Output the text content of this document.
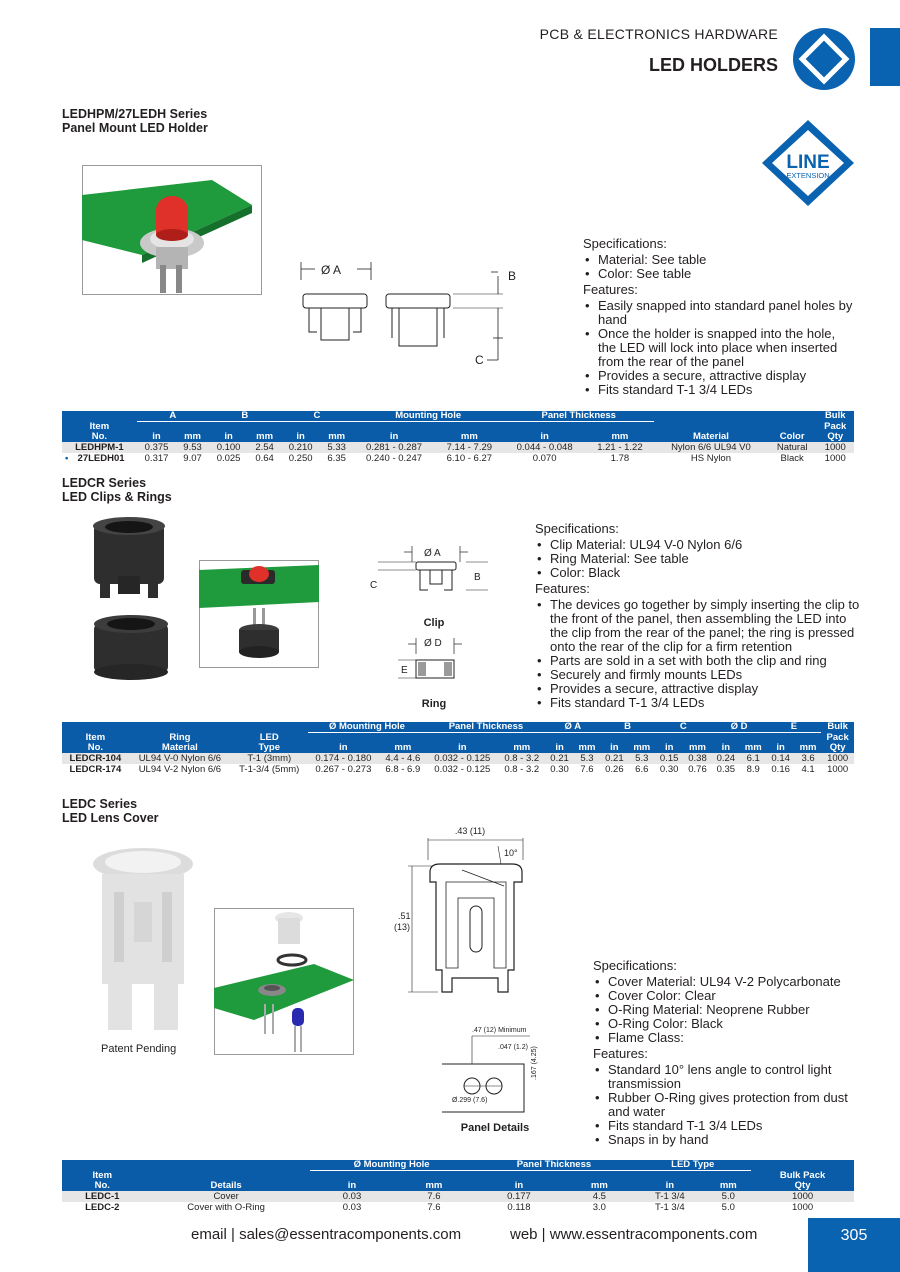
PCB & ELECTRONICS HARDWARE
LED HOLDERS
LEDHPM/27LEDH Series
Panel Mount LED Holder
LINE
EXTENSION
Ø A	B
C
Specifications:
• Material: See table
• Color: See table
Features:
• Easily snapped into standard panel holes by hand
• Once the holder is snapped into the hole, the LED will lock into place when inserted from the rear of the panel
• Provides a secure, attractive display
• Fits standard T-1 3/4 LEDs
Item	A		B		C		Mounting Hole		Panel Thickness				Bulk
													Pack
No.	in	mm	in	mm	in	mm	in	mm	in	mm	Material	Color	Qty

LEDHPM-1	0.375	9.53	0.100	2.54	0.210	5.33	0.281 - 0.287	7.14 - 7.29	0.044 - 0.048	1.21 - 1.22	Nylon 6/6 UL94 V0	Natural	1000

• 27LEDH01	0.317	9.07	0.025	0.64	0.250	6.35	0.240 - 0.247	6.10 - 6.27	0.070	1.78	HS Nylon	Black	1000
LEDCR Series
LED Clips & Rings
Ø A
C
B
Clip
Ø D
E
Ring
Specifications:
• Clip Material: UL94 V-0 Nylon 6/6
• Ring Material: See table
• Color: Black
Features:
• The devices go together by simply inserting the clip to the front of the panel, then assembling the LED into the clip from the rear of the panel; the ring is pressed onto the rear of the clip for a firm retention
• Parts are sold in a set with both the clip and ring
• Securely and firmly mounts LEDs
• Provides a secure, attractive display
• Fits standard T-1 3/4 LEDs
			Ø Mounting Hole		Panel Thickness		Ø A		B		C		Ø D		E		Bulk
Item	Ring	LED															Pack
No.	Material	Type	in	mm	in	mm	in	mm	in	mm	in	mm	in	mm	in	mm	Qty
LEDCR-104	UL94 V-0 Nylon 6/6	T-1 (3mm)	0.174 - 0.180	4.4 - 4.6	0.032 - 0.125	0.8 - 3.2	0.21	5.3	0.21	5.3	0.15	0.38	0.24	6.1	0.14	3.6	1000
LEDCR-174	UL94 V-2 Nylon 6/6	T-1-3/4 (5mm)	0.267 - 0.273	6.8 - 6.9	0.032 - 0.125	0.8 - 3.2	0.30	7.6	0.26	6.6	0.30	0.76	0.35	8.9	0.16	4.1	1000
LEDC Series
LED Lens Cover
Patent Pending
.43 (11)
10°
.51
(13)
.47 (12) Minimum
.047 (1.2) .167 (4.25)
Ø.299 (7.6)
Panel Details
Specifications:
• Cover Material: UL94 V-2 Polycarbonate
• Cover Color: Clear
• O-Ring Material: Neoprene Rubber
• O-Ring Color: Black
• Flame Class:
Features:
• Standard 10° lens angle to control light transmission
• Rubber O-Ring gives protection from dust and water
• Fits standard T-1 3/4 LEDs
• Snaps in by hand
		Ø Mounting Hole		Panel Thickness		LED Type		
Item								Bulk Pack
No.	Details	in	mm	in	mm	in	mm	Qty
LEDC-1	Cover	0.03	7.6	0.177	4.5	T-1 3/4	5.0	1000
LEDC-2	Cover with O-Ring	0.03	7.6	0.118	3.0	T-1 3/4	5.0	1000
email | sales@essentracomponents.com	web | www.essentracomponents.com	305
